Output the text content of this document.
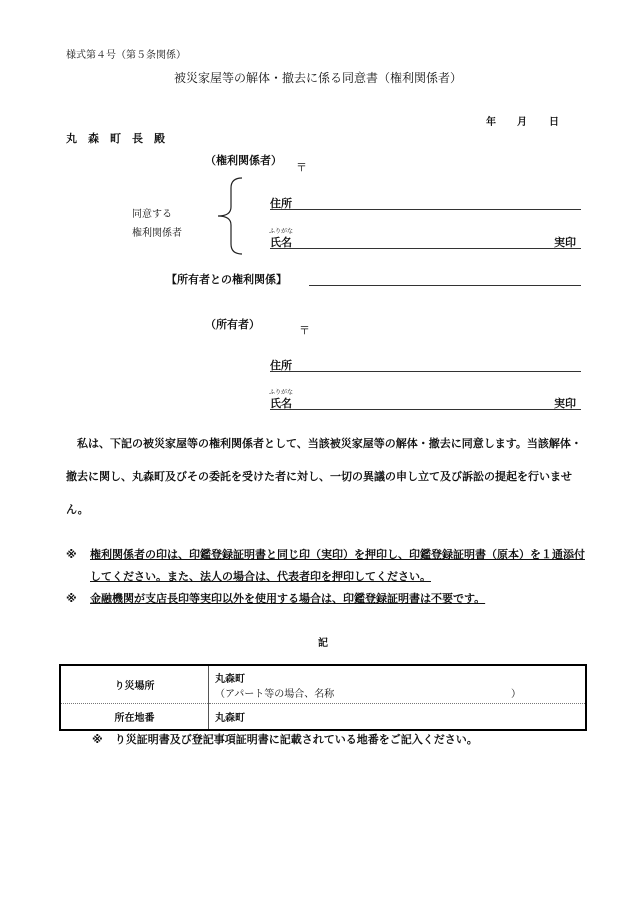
様式第４号（第５条関係）
被災家屋等の解体・撤去に係る同意書（権利関係者）
年 月 日
丸　森　町　長　殿
（権利関係者）
〒
同意する
権利関係者
住所
ふりがな
氏名	実印
【所有者との権利関係】
（所有者）	〒
住所
ふりがな
氏名	実印

私は、下記の被災家屋等の権利関係者として、当該被災家屋等の解体・撤去に同意します。当該解体・撤去に関し、丸森町及びその委託を受けた者に対し、一切の異議の申し立て及び訴訟の提起を行いません。

※ 権利関係者の印は、印鑑登録証明書と同じ印（実印）を押印し、印鑑登録証明書（原本）を１通添付してください。また、法人の場合は、代表者印を押印してください。
※ 金融機関が支店長印等実印以外を使用する場合は、印鑑登録証明書は不要です。
記
り災場所	丸森町
（アパート等の場合、名称 ）

所在地番	丸森町
※ り災証明書及び登記事項証明書に記載されている地番をご記入ください。
